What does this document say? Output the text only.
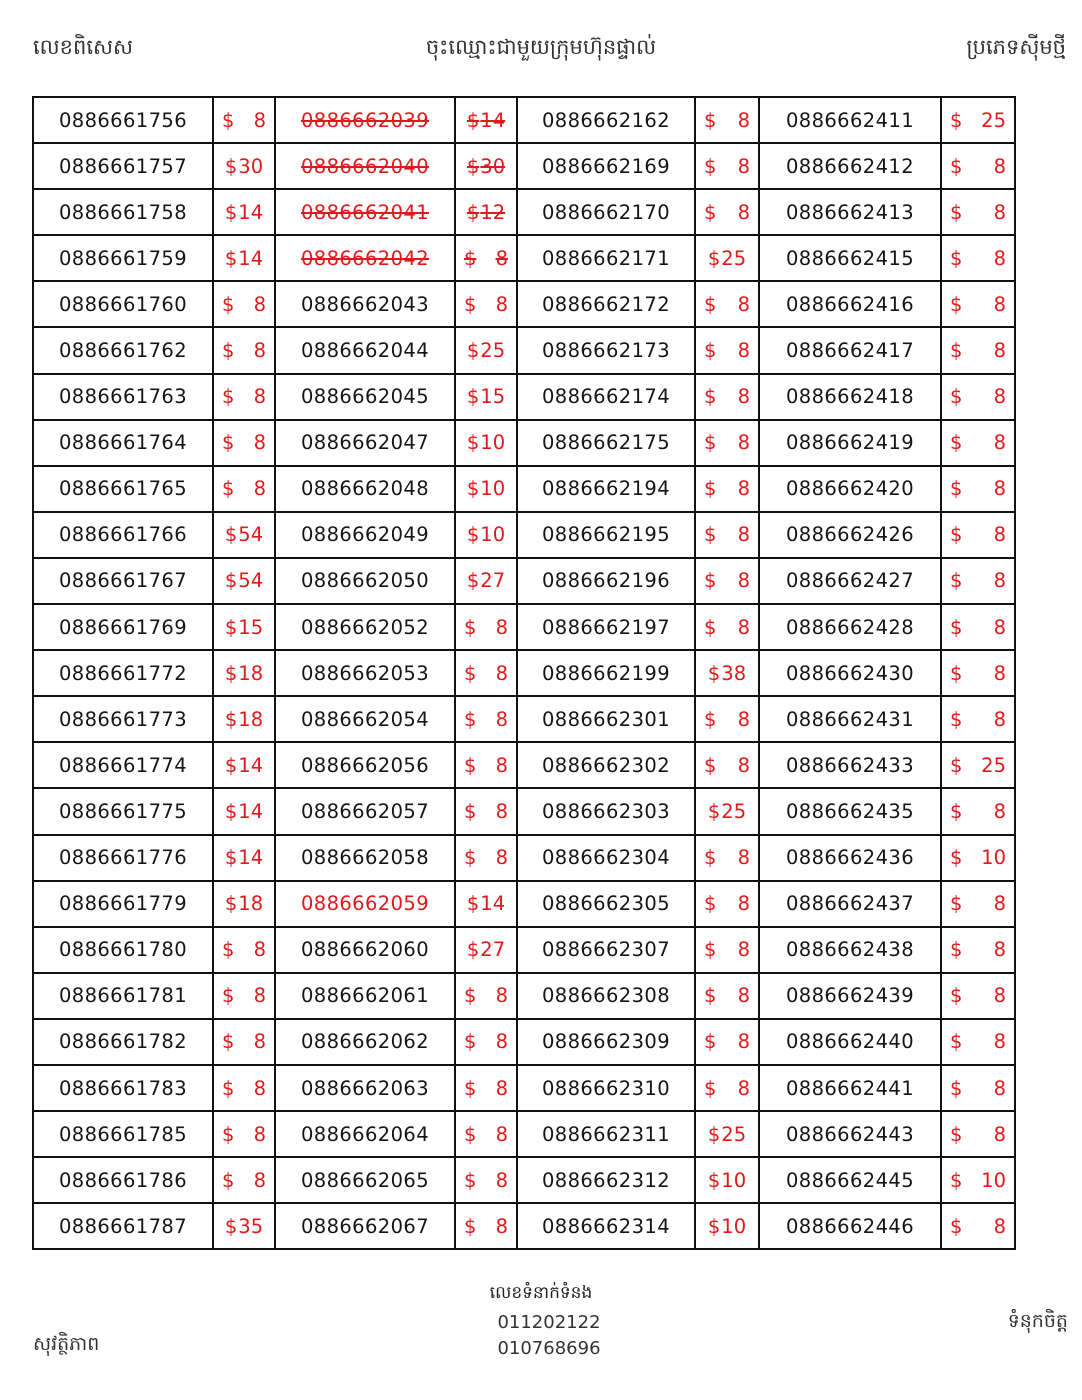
លេខពិសេស	ចុះឈ្មោះជាមួយក្រុមហ៊ុនផ្ទាល់	ប្រភេទស៊ីមថ្មី
0886661756	$ 8	0886662039	$ 14	0886662162	$ 8	0886662411	$ 25

0886661757	$ 30	0886662040	$ 30	0886662169	$ 8	0886662412	$ 8

0886661758	$ 14	0886662041	$ 12	0886662170	$ 8	0886662413	$ 8

0886661759	$ 14	0886662042	$ 8	0886662171	$ 25	0886662415	$ 8

0886661760	$ 8	0886662043	$ 8	0886662172	$ 8	0886662416	$ 8

0886661762	$ 8	0886662044	$ 25	0886662173	$ 8	0886662417	$ 8

0886661763	$ 8	0886662045	$ 15	0886662174	$ 8	0886662418	$ 8

0886661764	$ 8	0886662047	$ 10	0886662175	$ 8	0886662419	$ 8

0886661765	$ 8	0886662048	$ 10	0886662194	$ 8	0886662420	$ 8

0886661766	$ 54	0886662049	$ 10	0886662195	$ 8	0886662426	$ 8

0886661767	$ 54	0886662050	$ 27	0886662196	$ 8	0886662427	$ 8

0886661769	$ 15	0886662052	$ 8	0886662197	$ 8	0886662428	$ 8

0886661772	$ 18	0886662053	$ 8	0886662199	$ 38	0886662430	$ 8

0886661773	$ 18	0886662054	$ 8	0886662301	$ 8	0886662431	$ 8

0886661774	$ 14	0886662056	$ 8	0886662302	$ 8	0886662433	$ 25

0886661775	$ 14	0886662057	$ 8	0886662303	$ 25	0886662435	$ 8

0886661776	$ 14	0886662058	$ 8	0886662304	$ 8	0886662436	$ 10

0886661779	$ 18	0886662059	$ 14	0886662305	$ 8	0886662437	$ 8

0886661780	$ 8	0886662060	$ 27	0886662307	$ 8	0886662438	$ 8

0886661781	$ 8	0886662061	$ 8	0886662308	$ 8	0886662439	$ 8

0886661782	$ 8	0886662062	$ 8	0886662309	$ 8	0886662440	$ 8

0886661783	$ 8	0886662063	$ 8	0886662310	$ 8	0886662441	$ 8

0886661785	$ 8	0886662064	$ 8	0886662311	$ 25	0886662443	$ 8

0886661786	$ 8	0886662065	$ 8	0886662312	$ 10	0886662445	$ 10

0886661787	$ 35	0886662067	$ 8	0886662314	$ 10	0886662446	$ 8
លេខទំនាក់ទំនង
011202122
010768696
សុវត្ថិភាព
ទំនុកចិត្ត
